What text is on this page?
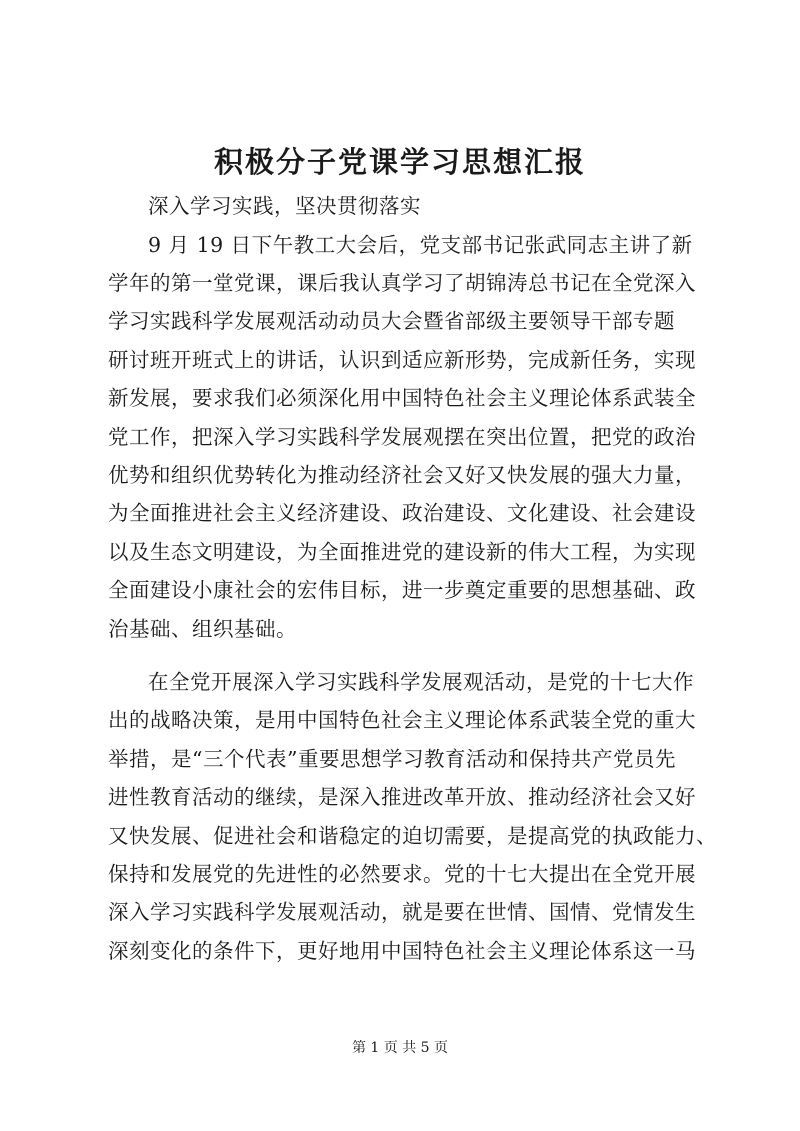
积极分子党课学习思想汇报
深入学习实践，坚决贯彻落实
9 月 19 日下午教工大会后，党支部书记张武同志主讲了新
学年的第一堂党课，课后我认真学习了胡锦涛总书记在全党深入
学习实践科学发展观活动动员大会暨省部级主要领导干部专题
研讨班开班式上的讲话，认识到适应新形势，完成新任务，实现
新发展，要求我们必须深化用中国特色社会主义理论体系武装全
党工作，把深入学习实践科学发展观摆在突出位置，把党的政治
优势和组织优势转化为推动经济社会又好又快发展的强大力量，
为全面推进社会主义经济建设、政治建设、文化建设、社会建设
以及生态文明建设，为全面推进党的建设新的伟大工程，为实现
全面建设小康社会的宏伟目标，进一步奠定重要的思想基础、政
治基础、组织基础。
在全党开展深入学习实践科学发展观活动，是党的十七大作
出的战略决策，是用中国特色社会主义理论体系武装全党的重大
举措，是“三个代表”重要思想学习教育活动和保持共产党员先
进性教育活动的继续，是深入推进改革开放、推动经济社会又好
又快发展、促进社会和谐稳定的迫切需要，是提高党的执政能力、
保持和发展党的先进性的必然要求。党的十七大提出在全党开展
深入学习实践科学发展观活动，就是要在世情、国情、党情发生
深刻变化的条件下，更好地用中国特色社会主义理论体系这一马
第 1 页 共 5 页
